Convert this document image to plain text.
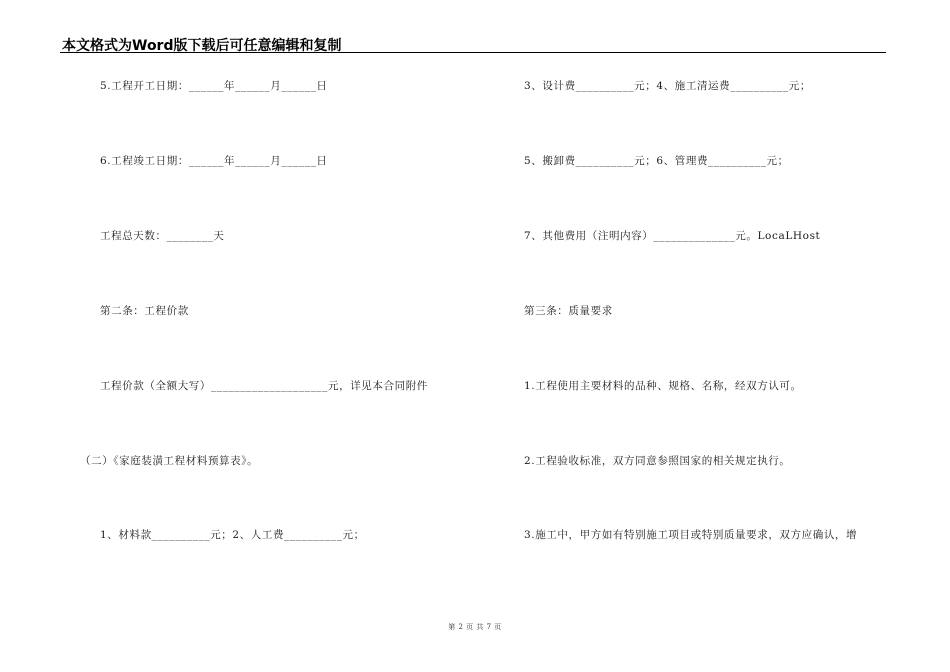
本文格式为Word版下载后可任意编辑和复制
5.工程开工日期：______年______月______日
6.工程竣工日期：______年______月______日
工程总天数：________天
第二条：工程价款
工程价款（全额大写）____________________元，详见本合同附件
（二）《家庭装潢工程材料预算表》。
1、材料款__________元；2、人工费__________元；
3、设计费__________元；4、施工清运费__________元；
5、搬卸费__________元；6、管理费__________元；
7、其他费用（注明内容）______________元。LocaLHost
第三条：质量要求
1.工程使用主要材料的品种、规格、名称，经双方认可。
2.工程验收标准，双方同意参照国家的相关规定执行。
3.施工中，甲方如有特别施工项目或特别质量要求，双方应确认，增
第 2 页 共 7 页
